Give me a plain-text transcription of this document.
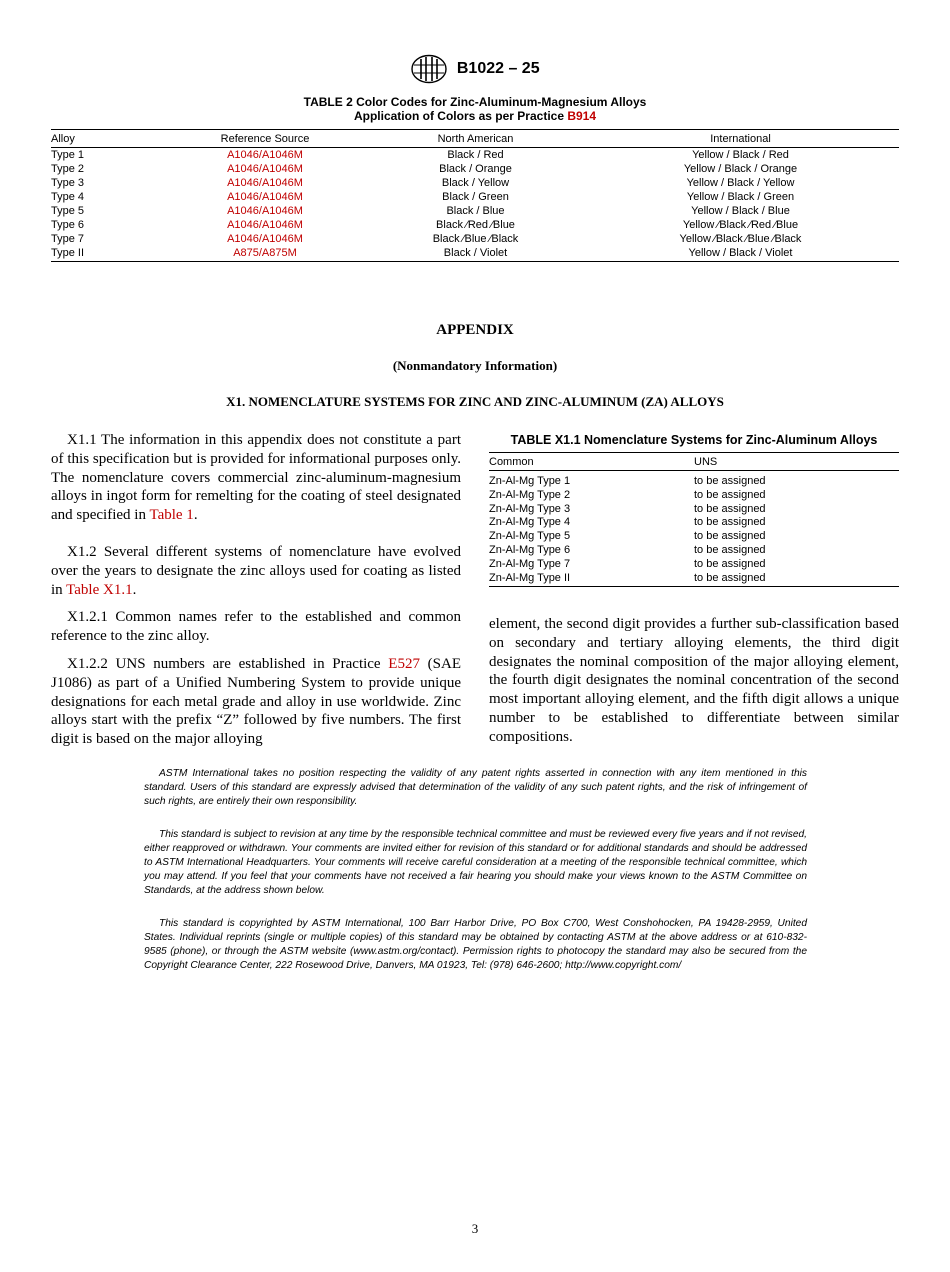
B1022 – 25
TABLE 2 Color Codes for Zinc-Aluminum-Magnesium Alloys
Application of Colors as per Practice B914
Alloy	Reference Source	North American	International
Type 1	A1046/A1046M	Black / Red	Yellow / Black / Red
Type 2	A1046/A1046M	Black / Orange	Yellow / Black / Orange
Type 3	A1046/A1046M	Black / Yellow	Yellow / Black / Yellow
Type 4	A1046/A1046M	Black / Green	Yellow / Black / Green
Type 5	A1046/A1046M	Black / Blue	Yellow / Black / Blue
Type 6	A1046/A1046M	Black ⁄Red ⁄Blue	Yellow ⁄Black ⁄Red ⁄Blue
Type 7	A1046/A1046M	Black ⁄Blue ⁄Black	Yellow ⁄Black ⁄Blue ⁄Black
Type II	A875/A875M	Black / Violet	Yellow / Black / Violet
APPENDIX
(Nonmandatory Information)
X1. NOMENCLATURE SYSTEMS FOR ZINC AND ZINC-ALUMINUM (ZA) ALLOYS

X1.1 The information in this appendix does not constitute a part of this specification but is provided for informational purposes only. The nomenclature covers commercial zinc-aluminum-magnesium alloys in ingot form for remelting for the coating of steel designated and specified in Table 1.

X1.2 Several different systems of nomenclature have evolved over the years to designate the zinc alloys used for coating as listed in Table X1.1.

X1.2.1 Common names refer to the established and common reference to the zinc alloy.

X1.2.2 UNS numbers are established in Practice E527 (SAE J1086) as part of a Unified Numbering System to provide unique designations for each metal grade and alloy in use worldwide. Zinc alloys start with the prefix “Z” followed by five numbers. The first digit is based on the major alloying

TABLE X1.1 Nomenclature Systems for Zinc-Aluminum Alloys
Common	UNS
Zn-Al-Mg Type 1	to be assigned
Zn-Al-Mg Type 2	to be assigned
Zn-Al-Mg Type 3	to be assigned
Zn-Al-Mg Type 4	to be assigned
Zn-Al-Mg Type 5	to be assigned
Zn-Al-Mg Type 6	to be assigned
Zn-Al-Mg Type 7	to be assigned
Zn-Al-Mg Type II	to be assigned

element, the second digit provides a further sub-classification based on secondary and tertiary alloying elements, the third digit designates the nominal composition of the major alloying element, the fourth digit designates the nominal concentration of the second most important alloying element, and the fifth digit allows a unique number to be established to differentiate between similar compositions.

ASTM International takes no position respecting the validity of any patent rights asserted in connection with any item mentioned in this standard. Users of this standard are expressly advised that determination of the validity of any such patent rights, and the risk of infringement of such rights, are entirely their own responsibility.

This standard is subject to revision at any time by the responsible technical committee and must be reviewed every five years and if not revised, either reapproved or withdrawn. Your comments are invited either for revision of this standard or for additional standards and should be addressed to ASTM International Headquarters. Your comments will receive careful consideration at a meeting of the responsible technical committee, which you may attend. If you feel that your comments have not received a fair hearing you should make your views known to the ASTM Committee on Standards, at the address shown below.

This standard is copyrighted by ASTM International, 100 Barr Harbor Drive, PO Box C700, West Conshohocken, PA 19428-2959, United States. Individual reprints (single or multiple copies) of this standard may be obtained by contacting ASTM at the above address or at 610-832-9585 (phone), or through the ASTM website (www.astm.org/contact). Permission rights to photocopy the standard may also be secured from the Copyright Clearance Center, 222 Rosewood Drive, Danvers, MA 01923, Tel: (978) 646-2600; http://www.copyright.com/

3
